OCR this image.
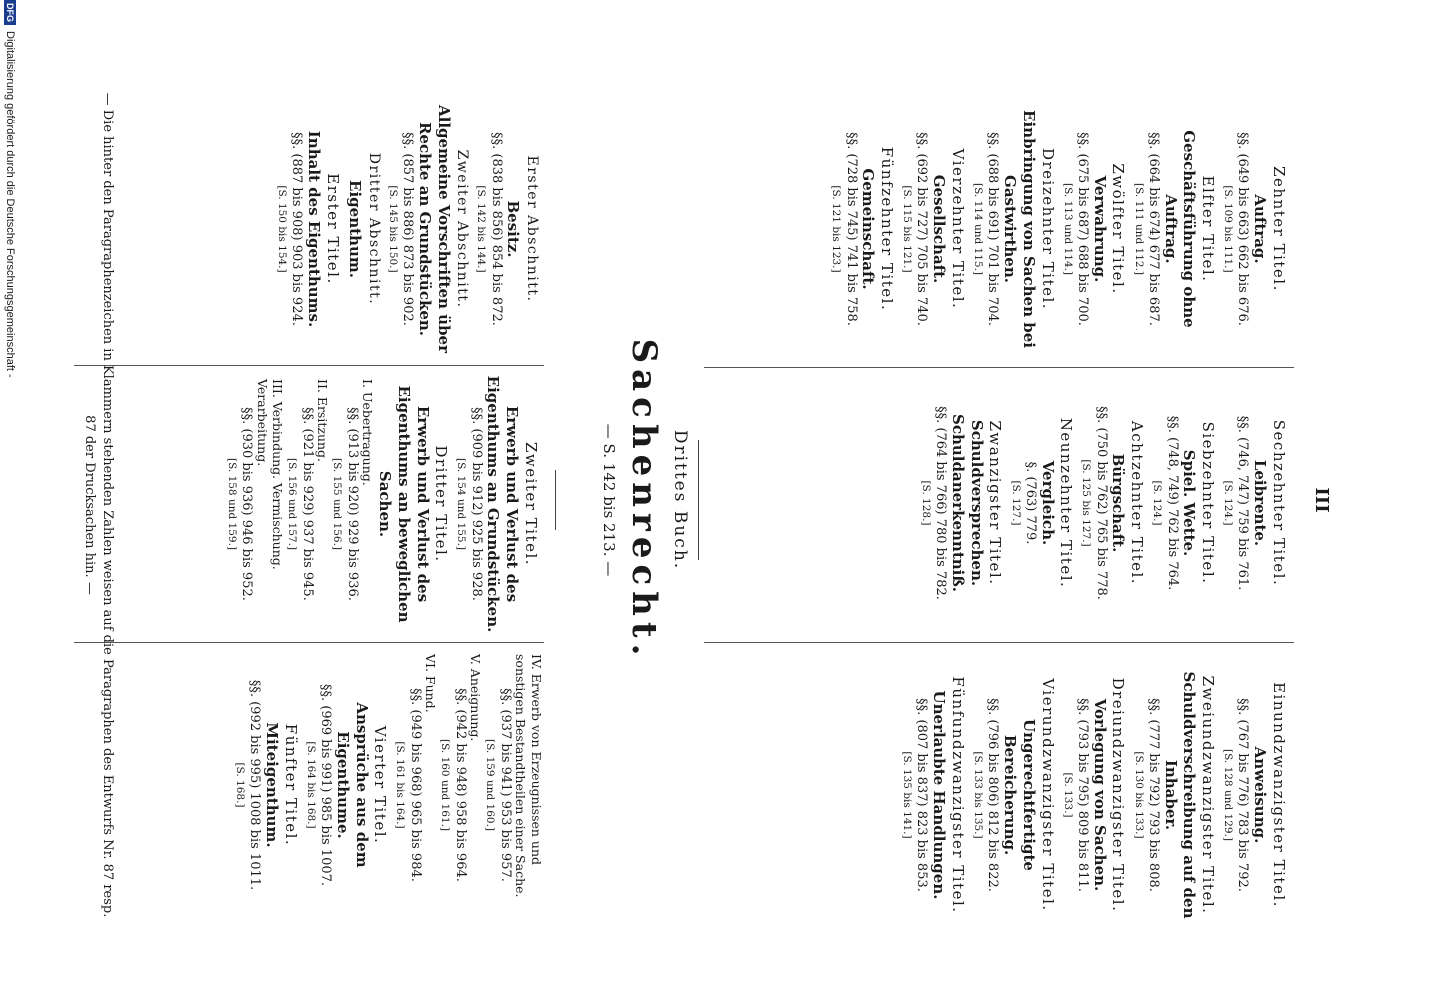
III
Zehnter Titel.
Auftrag.
§§. (649 bis 663) 662 bis 676.
[S. 109 bis 111.]
Elfter Titel.
Geschäftsführung ohne Auftrag.
§§. (664 bis 674) 677 bis 687.
[S. 111 und 112.]
Zwölfter Titel.
Verwahrung.
§§. (675 bis 687) 688 bis 700.
[S. 113 und 114.]
Dreizehnter Titel.
Einbringung von Sachen bei Gastwirthen.
§§. (688 bis 691) 701 bis 704.
[S. 114 und 115.]
Vierzehnter Titel.
Gesellschaft.
§§. (692 bis 727) 705 bis 740.
[S. 115 bis 121.]
Fünfzehnter Titel.
Gemeinschaft.
§§. (728 bis 745) 741 bis 758.
[S. 121 bis 123.]
Sechzehnter Titel.
Leibrente.
§§. (746, 747) 759 bis 761.
[S. 124.]
Siebzehnter Titel.
Spiel. Wette.
§§. (748, 749) 762 bis 764.
[S. 124.]
Achtzehnter Titel.
Bürgschaft.
§§. (750 bis 762) 765 bis 778.
[S. 125 bis 127.]
Neunzehnter Titel.
Vergleich.
§. (763) 779.
[S. 127.]
Zwanzigster Titel.
Schuldversprechen. Schuldanerkenntniß.
§§. (764 bis 766) 780 bis 782.
[S. 128.]
Einundzwanzigster Titel.
Anweisung.
§§. (767 bis 776) 783 bis 792.
[S. 128 und 129.]
Zweiundzwanzigster Titel.
Schuldverschreibung auf den Inhaber.
§§. (777 bis 792) 793 bis 808.
[S. 130 bis 133.]
Dreiundzwanzigster Titel.
Vorlegung von Sachen.
§§. (793 bis 795) 809 bis 811.
[S. 133.]
Vierundzwanzigster Titel.
Ungerechtfertigte Bereicherung.
§§. (796 bis 806) 812 bis 822.
[S. 133 bis 135.]
Fünfundzwanzigster Titel.
Unerlaubte Handlungen.
§§. (807 bis 837) 823 bis 853.
[S. 135 bis 141.]
Drittes Buch.
Sachenrecht.
— S. 142 bis 213. —
Erster Abschnitt.
Besitz.
§§. (838 bis 856) 854 bis 872.
[S. 142 bis 144.]
Zweiter Abschnitt.
Allgemeine Vorschriften über Rechte an Grundstücken.
§§. (857 bis 886) 873 bis 902.
[S. 145 bis 150.]
Dritter Abschnitt.
Eigenthum.
Erster Titel.
Inhalt des Eigenthums.
§§. (887 bis 908) 903 bis 924.
[S. 150 bis 154.]
Zweiter Titel.
Erwerb und Verlust des Eigenthums an Grundstücken.
§§. (909 bis 912) 925 bis 928.
[S. 154 und 155.]
Dritter Titel.
Erwerb und Verlust des Eigenthums an beweglichen Sachen.
I. Uebertragung.
§§. (913 bis 920) 929 bis 936.
[S. 155 und 156.]
II. Ersitzung.
§§. (921 bis 929) 937 bis 945.
[S. 156 und 157.]
III. Verbindung. Vermischung. Verarbeitung.
§§. (930 bis 936) 946 bis 952.
[S. 158 und 159.]
IV. Erwerb von Erzeugnissen und sonstigen Bestandtheilen einer Sache.
§§. (937 bis 941) 953 bis 957.
[S. 159 und 160.]
V. Aneignung.
§§. (942 bis 948) 958 bis 964.
[S. 160 und 161.]
VI. Fund.
§§. (949 bis 968) 965 bis 984.
[S. 161 bis 164.]
Vierter Titel.
Ansprüche aus dem Eigenthume.
§§. (969 bis 991) 985 bis 1007.
[S. 164 bis 168.]
Fünfter Titel.
Miteigenthum.
§§. (992 bis 995) 1008 bis 1011.
[S. 168.]
— Die hinter den Paragraphenzeichen in Klammern stehenden Zahlen weisen auf die Paragraphen des Entwurfs Nr. 87 resp. 87 der Drucksachen hin. —
DFG
Digitalisierung gefördert durch die Deutsche Forschungsgemeinschaft -
